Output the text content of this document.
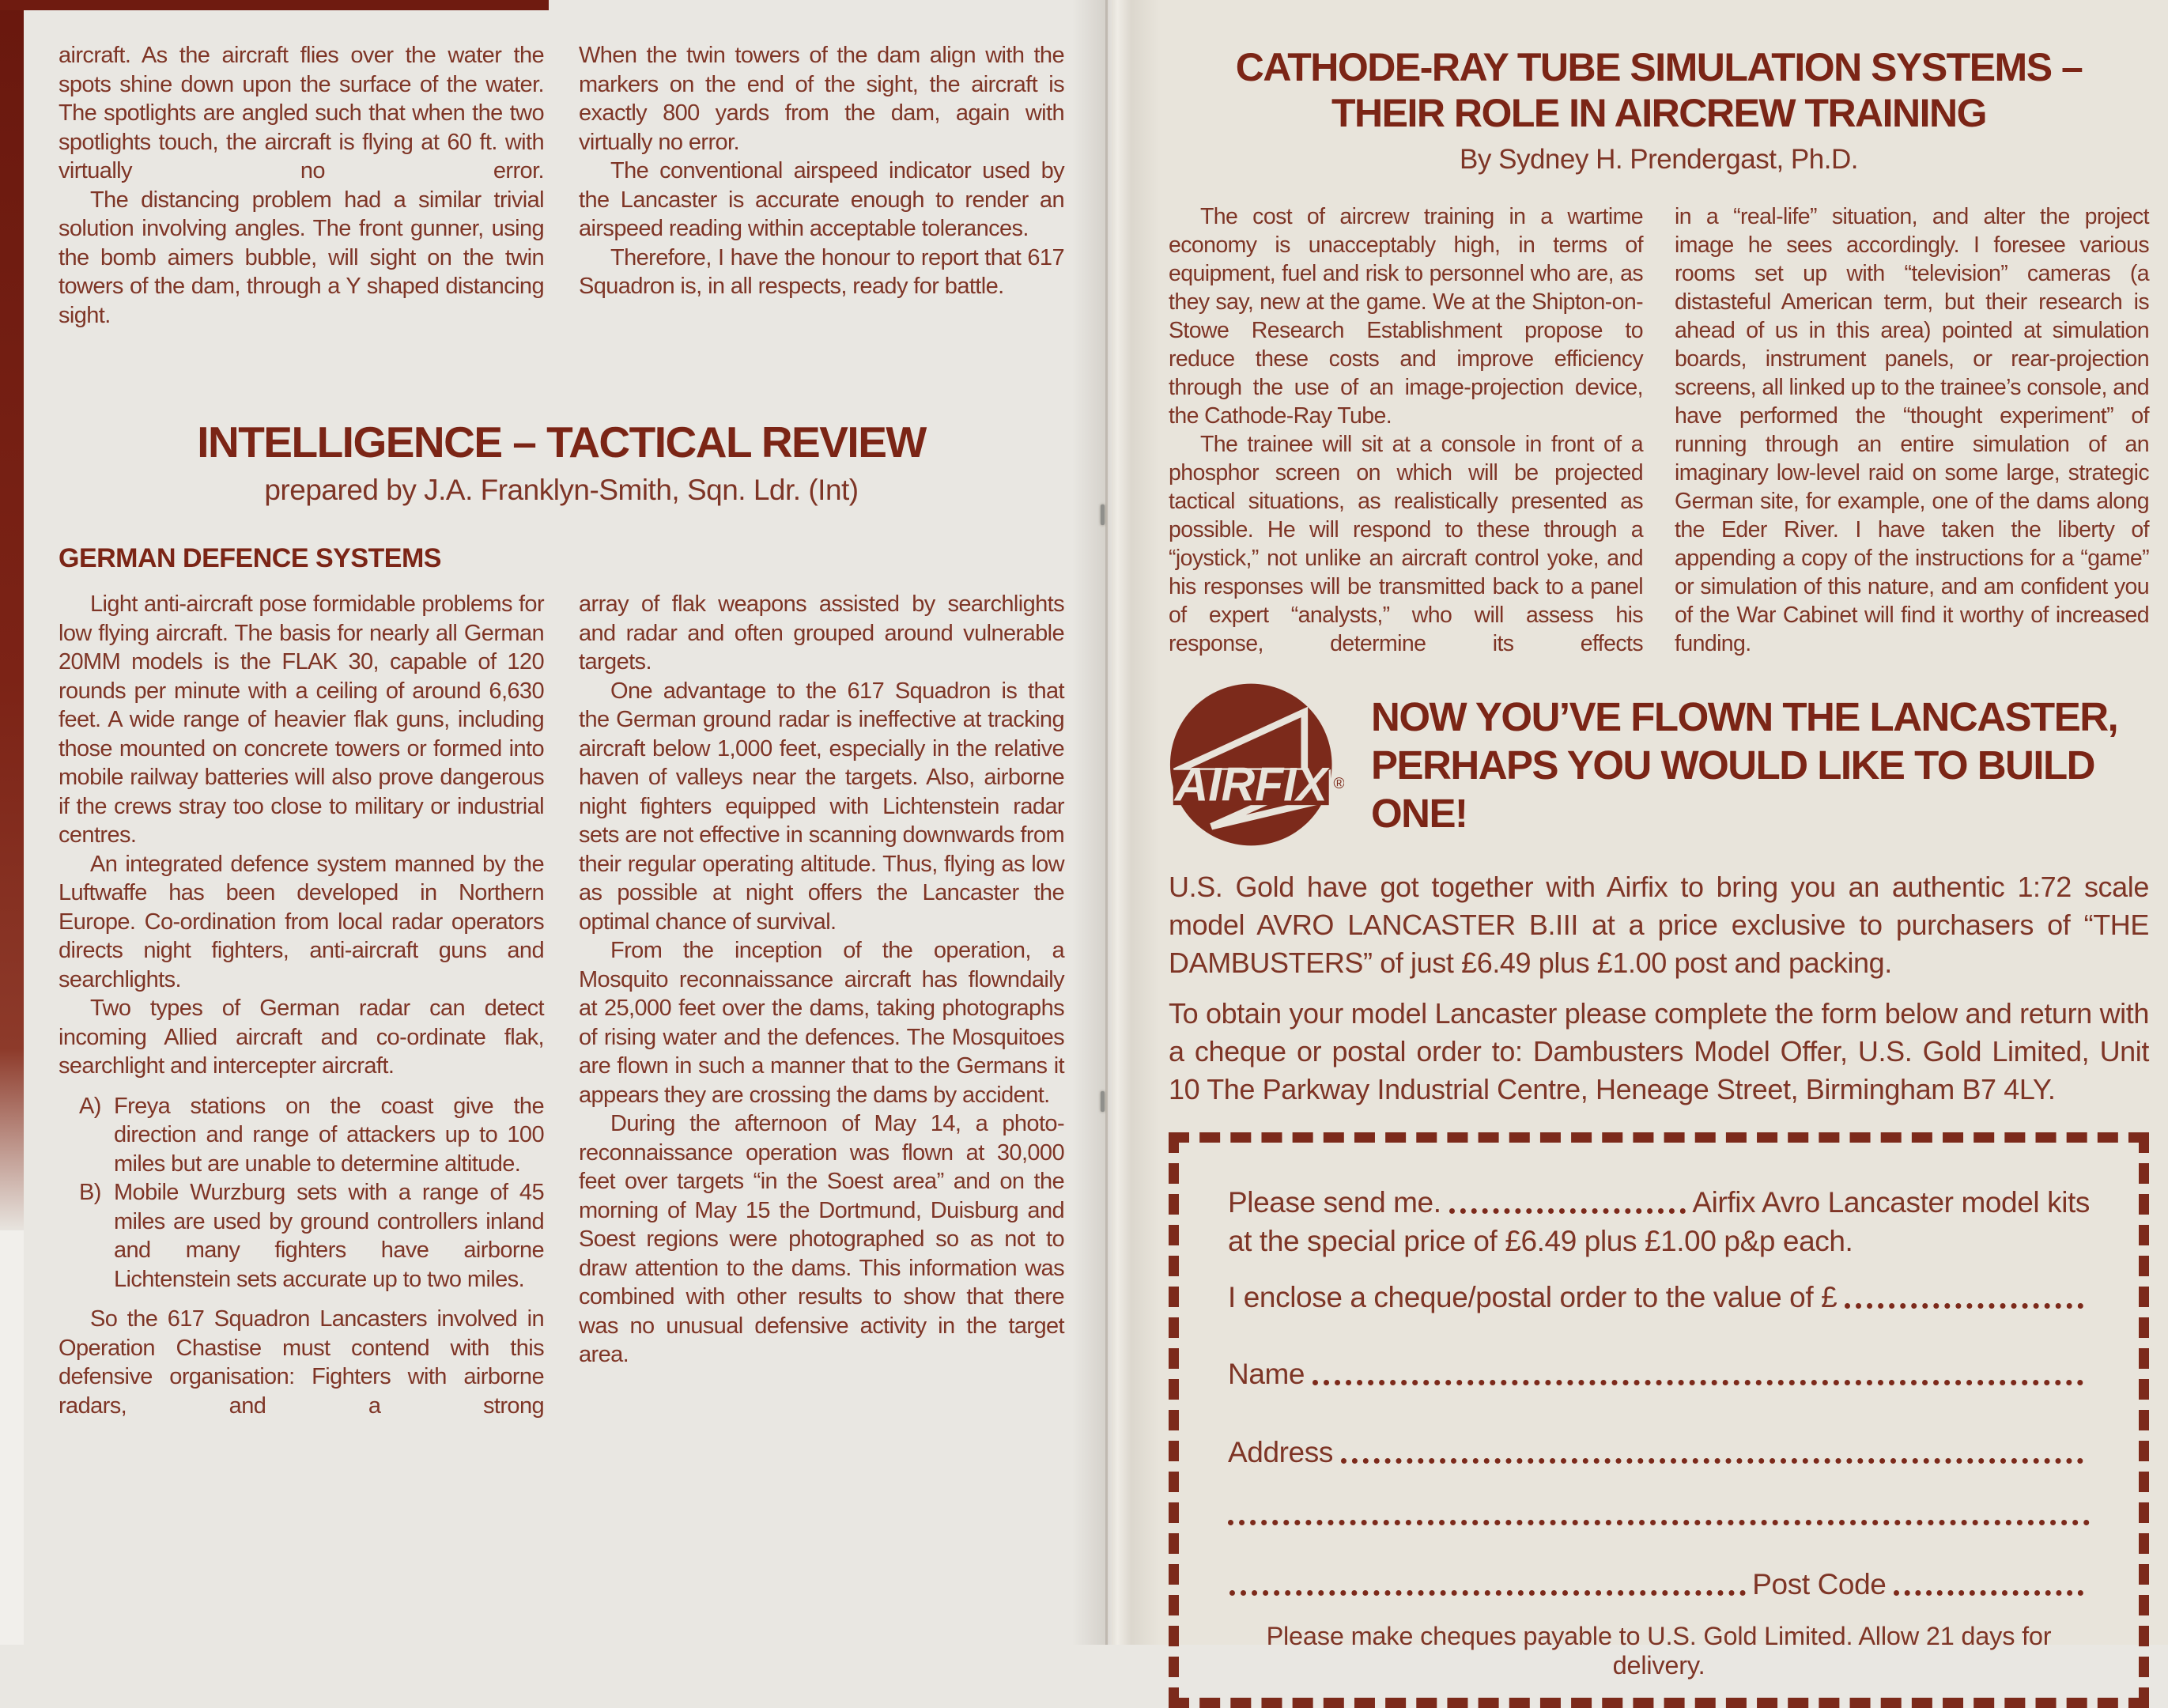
aircraft. As the aircraft flies over the water the spots shine down upon the surface of the water. The spotlights are angled such that when the two spotlights touch, the aircraft is flying at 60 ft. with virtually no error.

The distancing problem had a similar trivial solution involving angles. The front gunner, using the bomb aimers bubble, will sight on the twin towers of the dam, through a Y shaped distancing sight.

When the twin towers of the dam align with the markers on the end of the sight, the aircraft is exactly 800 yards from the dam, again with virtually no error.

The conventional airspeed indicator used by the Lancaster is accurate enough to render an airspeed reading within acceptable tolerances.

Therefore, I have the honour to report that 617 Squadron is, in all respects, ready for battle.

INTELLIGENCE – TACTICAL REVIEW
prepared by J.A. Franklyn-Smith, Sqn. Ldr. (Int)
GERMAN DEFENCE SYSTEMS

Light anti-aircraft pose formidable problems for low flying aircraft. The basis for nearly all German 20MM models is the FLAK 30, capable of 120 rounds per minute with a ceiling of around 6,630 feet. A wide range of heavier flak guns, including those mounted on concrete towers or formed into mobile railway batteries will also prove dangerous if the crews stray too close to military or industrial centres.

An integrated defence system manned by the Luftwaffe has been developed in Northern Europe. Co-ordination from local radar operators directs night fighters, anti-aircraft guns and searchlights.

Two types of German radar can detect incoming Allied aircraft and co-ordinate flak, searchlight and intercepter aircraft.

A) Freya stations on the coast give the direction and range of attackers up to 100 miles but are unable to determine altitude.

B) Mobile Wurzburg sets with a range of 45 miles are used by ground controllers inland and many fighters have airborne Lichtenstein sets accurate up to two miles.

So the 617 Squadron Lancasters involved in Operation Chastise must contend with this defensive organisation: Fighters with airborne radars, and a strong

array of flak weapons assisted by searchlights and radar and often grouped around vulnerable targets.

One advantage to the 617 Squadron is that the German ground radar is ineffective at tracking aircraft below 1,000 feet, especially in the relative haven of valleys near the targets. Also, airborne night fighters equipped with Lichtenstein radar sets are not effective in scanning downwards from their regular operating altitude. Thus, flying as low as possible at night offers the Lancaster the optimal chance of survival.

From the inception of the operation, a Mosquito reconnaissance aircraft has flowndaily at 25,000 feet over the dams, taking photographs of rising water and the defences. The Mosquitoes are flown in such a manner that to the Germans it appears they are crossing the dams by accident.

During the afternoon of May 14, a photo-reconnaissance operation was flown at 30,000 feet over targets “in the Soest area” and on the morning of May 15 the Dortmund, Duisburg and Soest regions were photographed so as not to draw attention to the dams. This information was combined with other results to show that there was no unusual defensive activity in the target area.

CATHODE-RAY TUBE SIMULATION SYSTEMS –
THEIR ROLE IN AIRCREW TRAINING
By Sydney H. Prendergast, Ph.D.

The cost of aircrew training in a wartime economy is unacceptably high, in terms of equipment, fuel and risk to personnel who are, as they say, new at the game. We at the Shipton-on-Stowe Research Establishment propose to reduce these costs and improve efficiency through the use of an image-projection device, the Cathode-Ray Tube.

The trainee will sit at a console in front of a phosphor screen on which will be projected tactical situations, as realistically presented as possible. He will respond to these through a “joystick,” not unlike an aircraft control yoke, and his responses will be transmitted back to a panel of expert “analysts,” who will assess his response, determine its effects

in a “real-life” situation, and alter the project image he sees accordingly. I foresee various rooms set up with “television” cameras (a distasteful American term, but their research is ahead of us in this area) pointed at simulation boards, instrument panels, or rear-projection screens, all linked up to the trainee’s console, and have performed the “thought experiment” of running through an entire simulation of an imaginary low-level raid on some large, strategic German site, for example, one of the dams along the Eder River. I have taken the liberty of appending a copy of the instructions for a “game” or simulation of this nature, and am confident you of the War Cabinet will find it worthy of increased funding.

AIRFIX ®
NOW YOU’VE FLOWN THE LANCASTER,
PERHAPS YOU WOULD LIKE TO BUILD ONE!

U.S. Gold have got together with Airfix to bring you an authentic 1:72 scale model AVRO LANCASTER B.III at a price exclusive to purchasers of “THE DAMBUSTERS” of just £6.49 plus £1.00 post and packing.

To obtain your model Lancaster please complete the form below and return with a cheque or postal order to: Dambusters Model Offer, U.S. Gold Limited, Unit 10 The Parkway Industrial Centre, Heneage Street, Birmingham B7 4LY.

Please send me.	Airfix Avro Lancaster model kits
at the special price of £6.49 plus £1.00 p&p each.
I enclose a cheque/postal order to the value of £
Name
Address
Post Code
Please make cheques payable to U.S. Gold Limited. Allow 21 days for delivery.
